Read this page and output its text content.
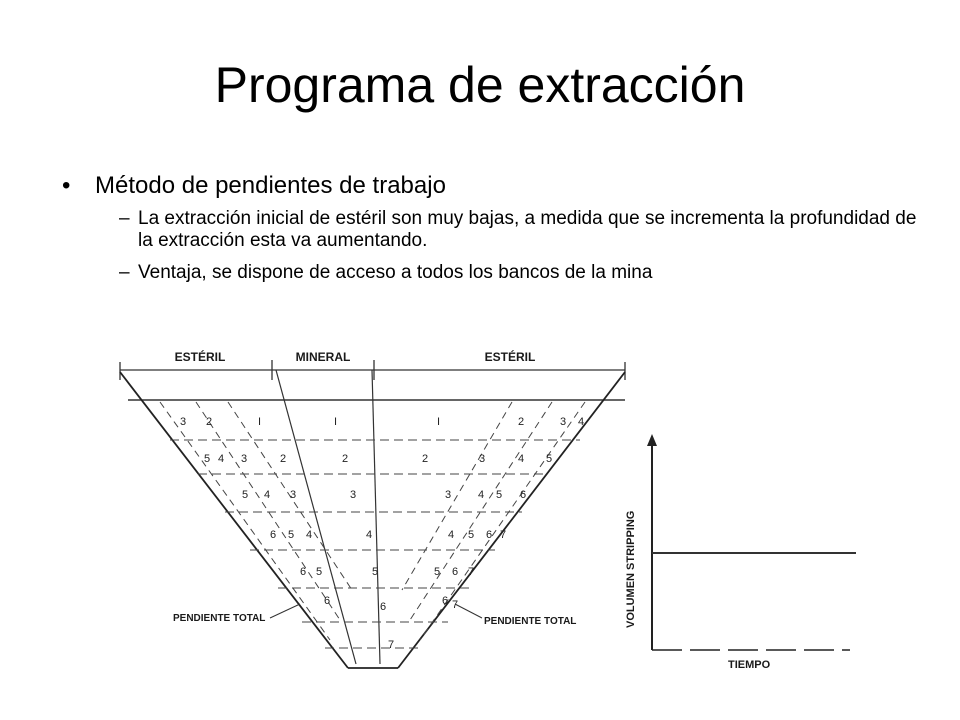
Programa de extracción
• Método de pendientes de trabajo
– La extracción inicial de estéril son muy bajas, a medida que se incrementa la profundidad de la extracción esta va aumentando.
– Ventaja, se dispone de acceso a todos los bancos de la mina
ESTÉRIL	MINERAL	ESTÉRIL
3 2	I	I	I	2	3 4
5 4 3	2	2	2	3	4 5
5 4 3	3	3 4 5 6
6 5 4	4	4 5 6 7
6 5	5	5 6 7
6	6	6 7
7
PENDIENTE TOTAL	PENDIENTE TOTAL	VOLUMEN STRIPPING
TIEMPO
